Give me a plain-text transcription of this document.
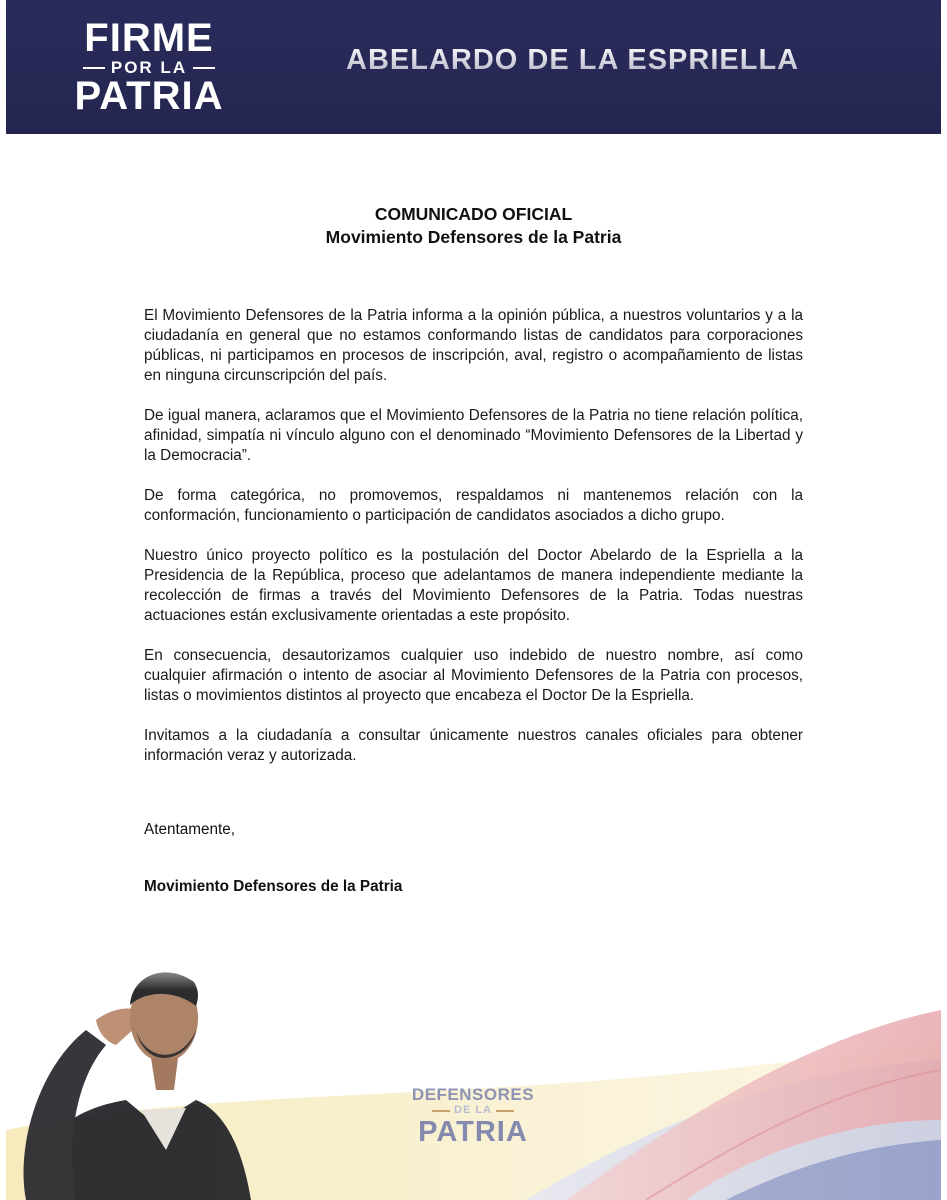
FIRME
POR LA
PATRIA
ABELARDO DE LA ESPRIELLA
COMUNICADO OFICIAL
Movimiento Defensores de la Patria

El Movimiento Defensores de la Patria informa a la opinión pública, a nuestros voluntarios y a la ciudadanía en general que no estamos conformando listas de candidatos para corporaciones públicas, ni participamos en procesos de inscripción, aval, registro o acompañamiento de listas en ninguna circunscripción del país.

De igual manera, aclaramos que el Movimiento Defensores de la Patria no tiene relación política, afinidad, simpatía ni vínculo alguno con el denominado “Movimiento Defensores de la Libertad y la Democracia”.

De forma categórica, no promovemos, respaldamos ni mantenemos relación con la conformación, funcionamiento o participación de candidatos asociados a dicho grupo.

Nuestro único proyecto político es la postulación del Doctor Abelardo de la Espriella a la Presidencia de la República, proceso que adelantamos de manera independiente mediante la recolección de firmas a través del Movimiento Defensores de la Patria. Todas nuestras actuaciones están exclusivamente orientadas a este propósito.

En consecuencia, desautorizamos cualquier uso indebido de nuestro nombre, así como cualquier afirmación o intento de asociar al Movimiento Defensores de la Patria con procesos, listas o movimientos distintos al proyecto que encabeza el Doctor De la Espriella.

Invitamos a la ciudadanía a consultar únicamente nuestros canales oficiales para obtener información veraz y autorizada.

Atentamente,
Movimiento Defensores de la Patria
DEFENSORES
DE LA
PATRIA
